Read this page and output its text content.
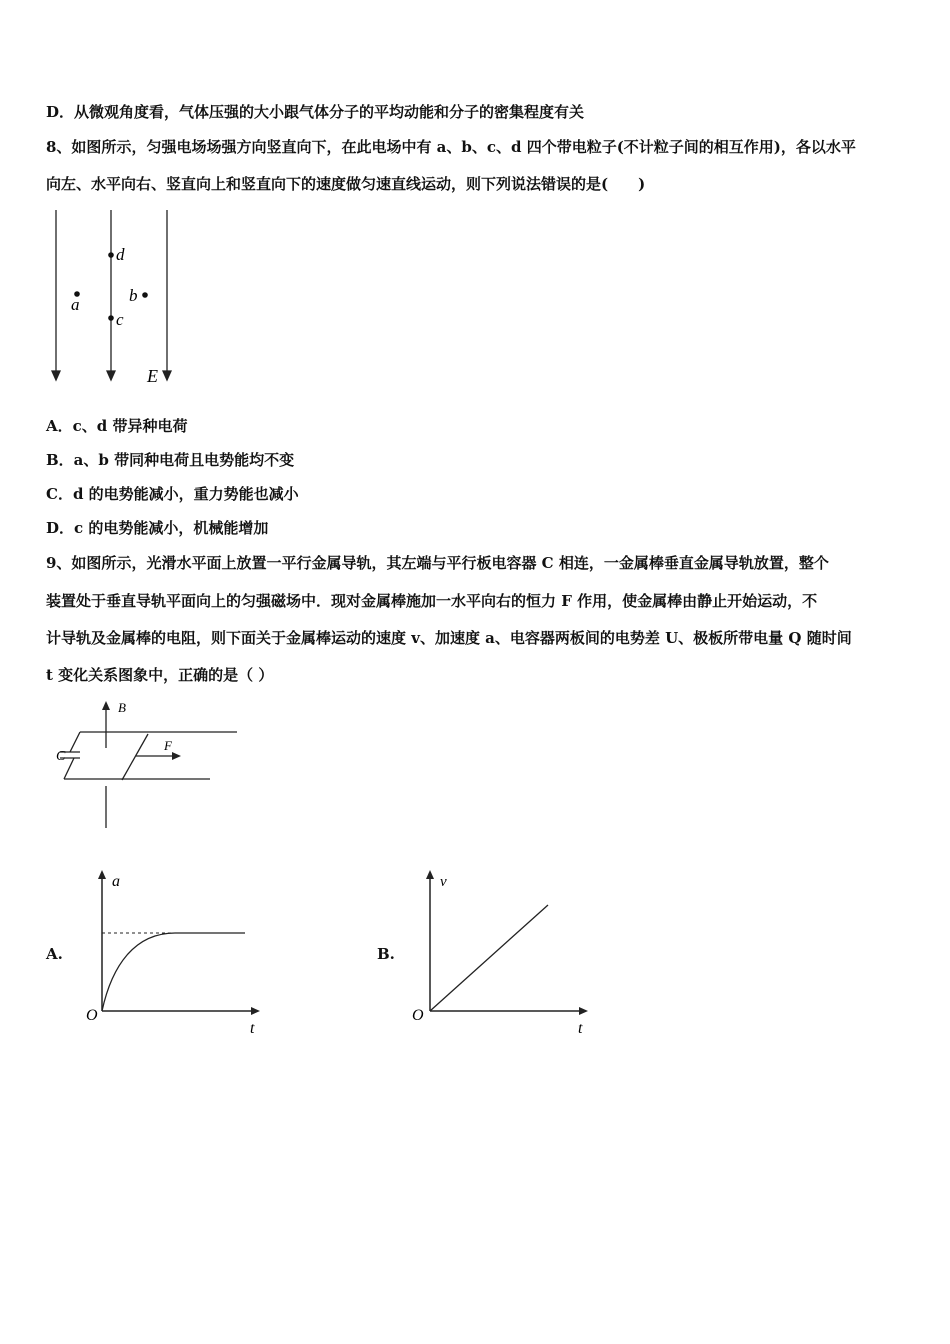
D．从微观角度看，气体压强的大小跟气体分子的平均动能和分子的密集程度有关
8、如图所示，匀强电场场强方向竖直向下，在此电场中有 a、b、c、d 四个带电粒子(不计粒子间的相互作用)，各以水平
向左、水平向右、竖直向上和竖直向下的速度做匀速直线运动，则下列说法错误的是(　　)
d
c
a	b
E
A．c、d 带异种电荷
B．a、b 带同种电荷且电势能均不变
C．d 的电势能减小，重力势能也减小
D．c 的电势能减小，机械能增加
9、如图所示，光滑水平面上放置一平行金属导轨，其左端与平行板电容器 C 相连，一金属棒垂直金属导轨放置，整个
装置处于垂直导轨平面向上的匀强磁场中．现对金属棒施加一水平向右的恒力 F 作用，使金属棒由静止开始运动，不
计导轨及金属棒的电阻，则下面关于金属棒运动的速度 v、加速度 a、电容器两板间的电势差 U、极板所带电量 Q 随时间
t 变化关系图象中，正确的是（ ）
B
C
F
A.
a
t
O
B.
v
t
O
